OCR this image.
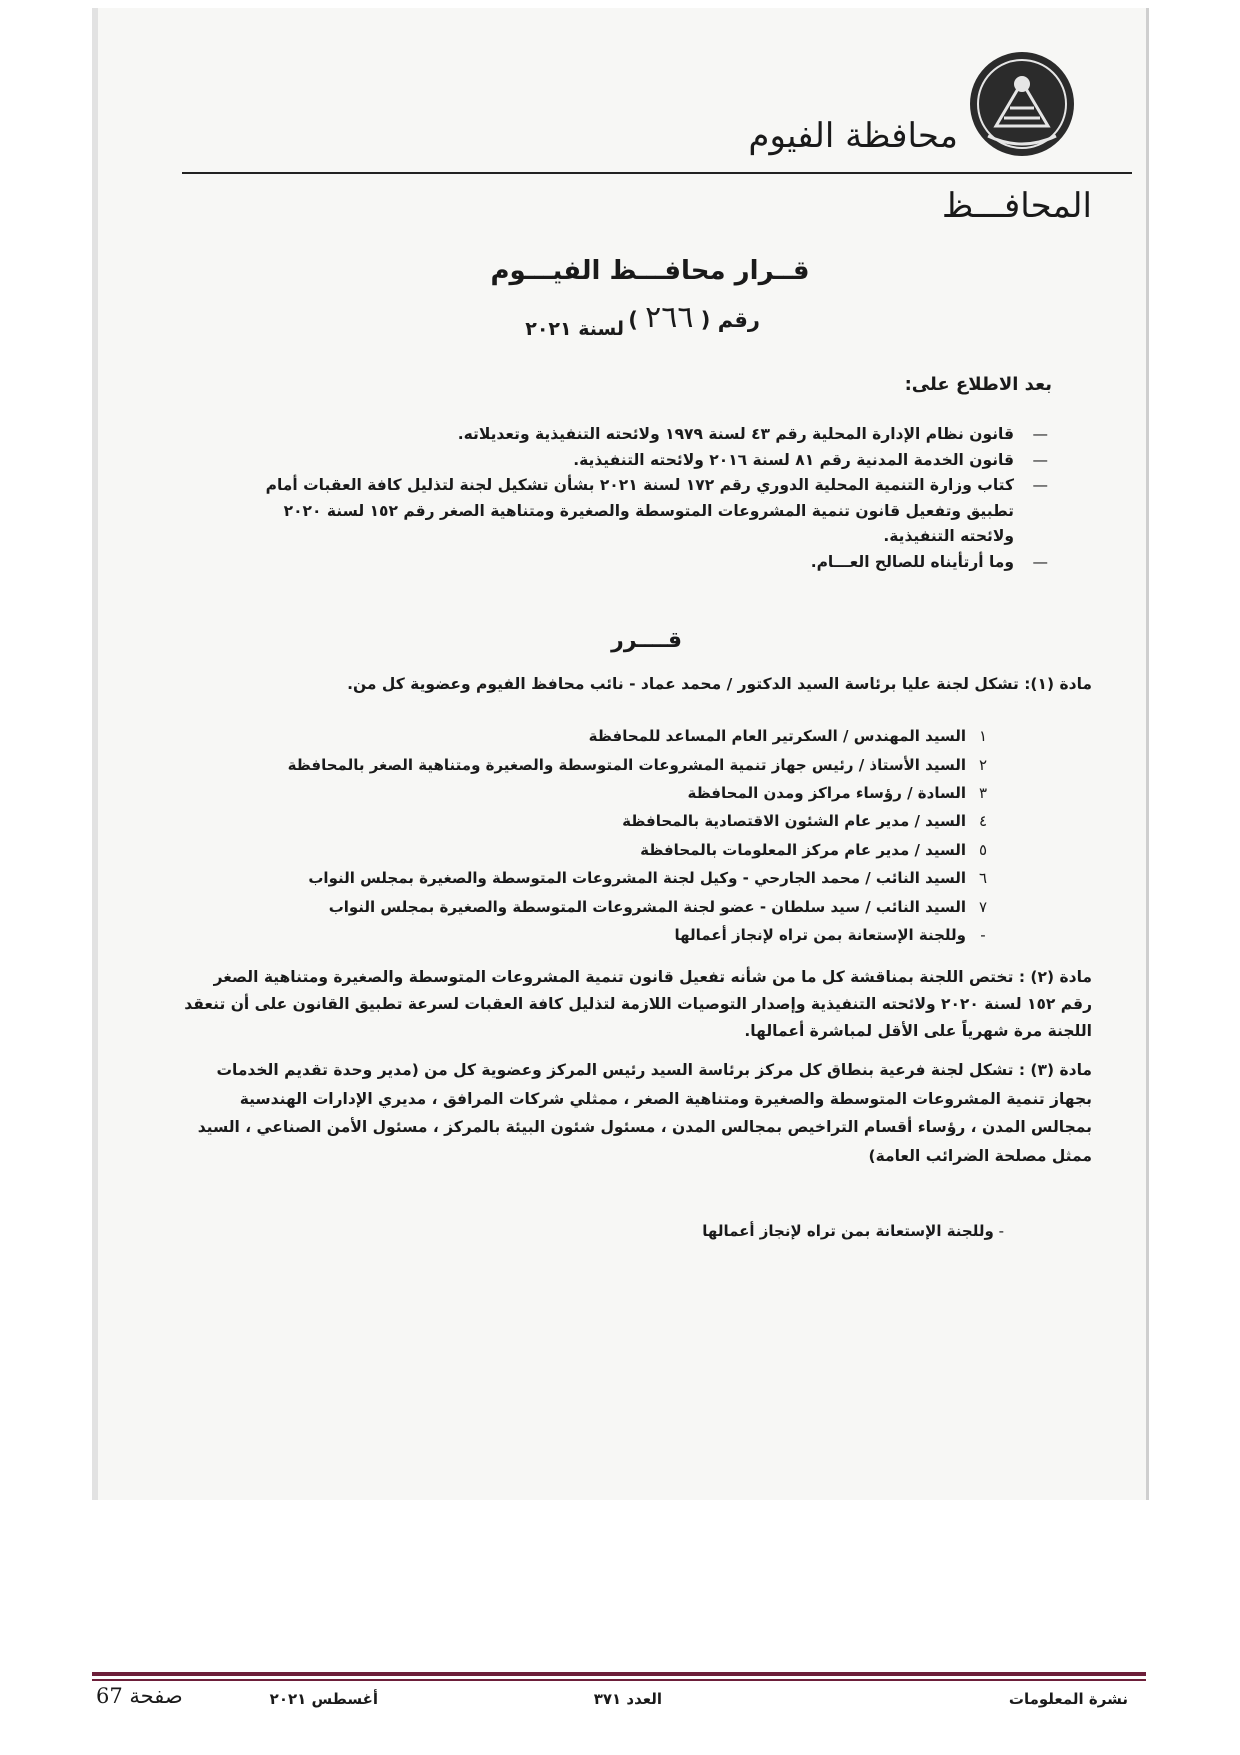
محافظة الفيوم
المحافـــظ
قــرار محافـــظ الفيـــوم
رقم ( ٢٦٦ )
لسنة ٢٠٢١
بعد الاطلاع على:
— قانون نظام الإدارة المحلية رقم ٤٣ لسنة ١٩٧٩ ولائحته التنفيذية وتعديلاته.
— قانون الخدمة المدنية رقم ٨١ لسنة ٢٠١٦ ولائحته التنفيذية.
— كتاب وزارة التنمية المحلية الدوري رقم ١٧٢ لسنة ٢٠٢١ بشأن تشكيل لجنة لتذليل كافة العقبات أمام تطبيق وتفعيل قانون تنمية المشروعات المتوسطة والصغيرة ومتناهية الصغر رقم ١٥٢ لسنة ٢٠٢٠ ولائحته التنفيذية.
— وما أرتأيناه للصالح العـــام.
قــــرر
مادة (١): تشكل لجنة عليا برئاسة السيد الدكتور / محمد عماد - نائب محافظ الفيوم وعضوية كل من.
١
السيد المهندس / السكرتير العام المساعد للمحافظة
٢
السيد الأستاذ / رئيس جهاز تنمية المشروعات المتوسطة والصغيرة ومتناهية الصغر بالمحافظة
٣
السادة / رؤساء مراكز ومدن المحافظة
٤
السيد / مدير عام الشئون الاقتصادية بالمحافظة
٥
السيد / مدير عام مركز المعلومات بالمحافظة
٦
السيد النائب / محمد الجارحي - وكيل لجنة المشروعات المتوسطة والصغيرة بمجلس النواب
٧
السيد النائب / سيد سلطان - عضو لجنة المشروعات المتوسطة والصغيرة بمجلس النواب
-
وللجنة الإستعانة بمن تراه لإنجاز أعمالها
مادة (٢) : تختص اللجنة بمناقشة كل ما من شأنه تفعيل قانون تنمية المشروعات المتوسطة والصغيرة ومتناهية الصغر رقم ١٥٢ لسنة ٢٠٢٠ ولائحته التنفيذية وإصدار التوصيات اللازمة لتذليل كافة العقبات لسرعة تطبيق القانون على أن تنعقد اللجنة مرة شهرياً على الأقل لمباشرة أعمالها.
مادة (٣) : تشكل لجنة فرعية بنطاق كل مركز برئاسة السيد رئيس المركز وعضوية كل من (مدير وحدة تقديم الخدمات بجهاز تنمية المشروعات المتوسطة والصغيرة ومتناهية الصغر ، ممثلي شركات المرافق ، مديري الإدارات الهندسية بمجالس المدن ، رؤساء أقسام التراخيص بمجالس المدن ، مسئول شئون البيئة بالمركز ، مسئول الأمن الصناعي ، السيد ممثل مصلحة الضرائب العامة)
- وللجنة الإستعانة بمن تراه لإنجاز أعمالها
نشرة المعلومات
العدد ٣٧١
أغسطس ٢٠٢١
صفحة 67
